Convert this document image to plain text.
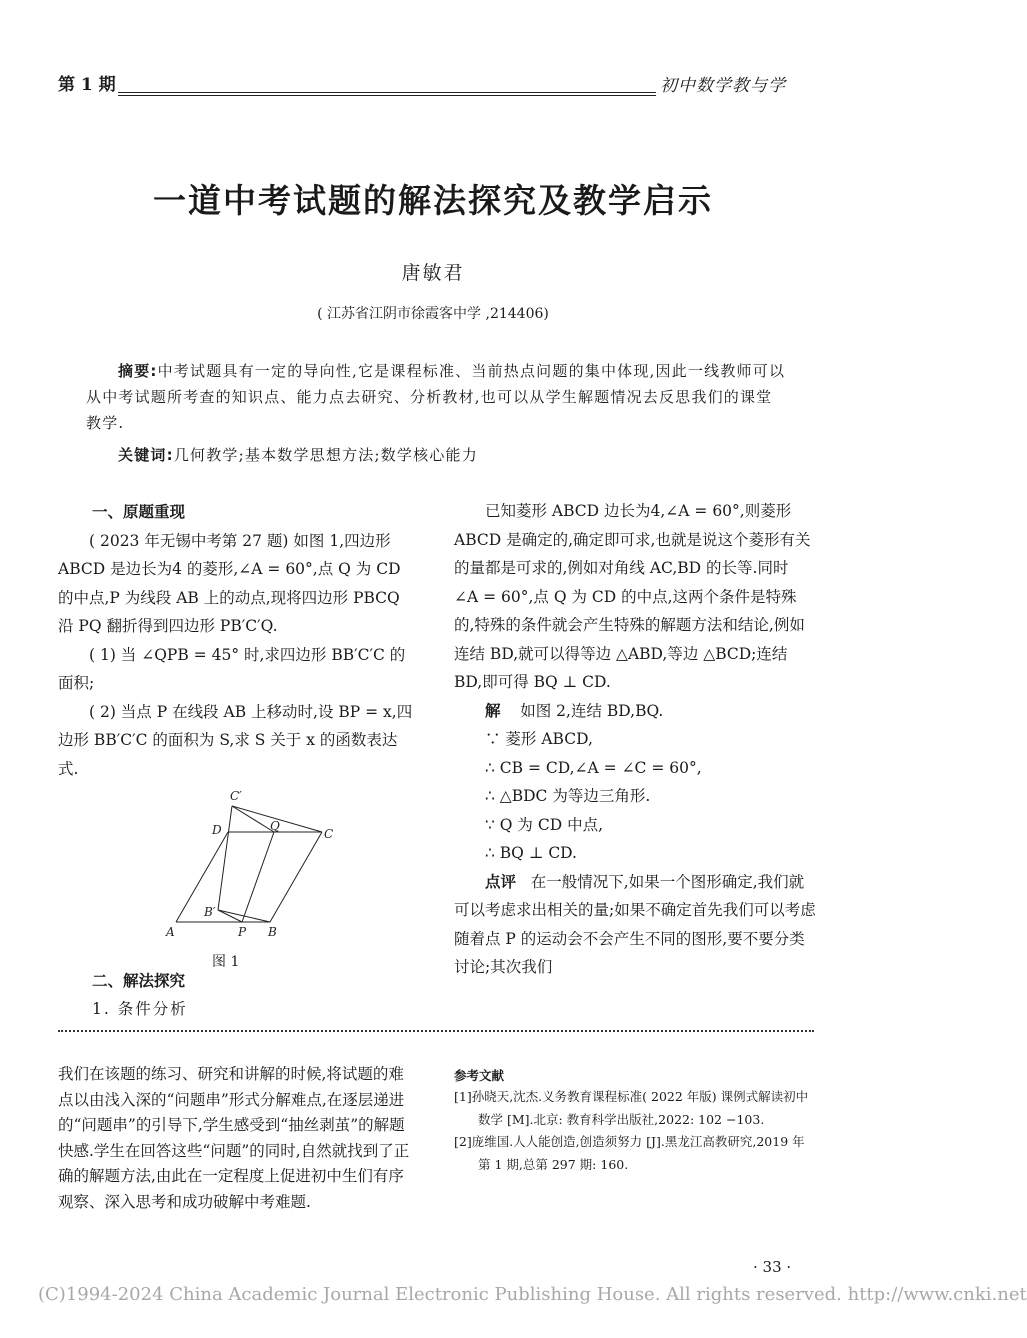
第 1 期	初中数学教与学
一道中考试题的解法探究及教学启示
唐敏君
( 江苏省江阴市徐霞客中学 ,214406)
摘要:中考试题具有一定的导向性,它是课程标准、当前热点问题的集中体现,因此一线教师可以从中考试题所考查的知识点、能力点去研究、分析教材,也可以从学生解题情况去反思我们的课堂教学.
关键词:几何教学;基本数学思想方法;数学核心能力

一、原题重现

( 2023 年无锡中考第 27 题) 如图 1,四边形 ABCD 是边长为4 的菱形,∠A = 60°,点 Q 为 CD 的中点,P 为线段 AB 上的动点,现将四边形 PBCQ 沿 PQ 翻折得到四边形 PB′C′Q.

( 1) 当 ∠QPB = 45° 时,求四边形 BB′C′C 的面积;

( 2) 当点 P 在线段 AB 上移动时,设 BP = x,四边形 BB′C′C 的面积为 S,求 S 关于 x 的函数表达式.

C′
D	Q
C
B′
A	P B
图 1
二、解法探究
1. 条件分析

已知菱形 ABCD 边长为4,∠A = 60°,则菱形 ABCD 是确定的,确定即可求,也就是说这个菱形有关的量都是可求的,例如对角线 AC,BD 的长等.同时 ∠A = 60°,点 Q 为 CD 的中点,这两个条件是特殊的,特殊的条件就会产生特殊的解题方法和结论,例如连结 BD,就可以得等边 △ABD,等边 △BCD;连结 BD,即可得 BQ ⊥ CD.

解 如图 2,连结 BD,BQ.

∵ 菱形 ABCD,

∴ CB = CD,∠A = ∠C = 60°,

∴ △BDC 为等边三角形.

∵ Q 为 CD 中点,

∴ BQ ⊥ CD.

点评 在一般情况下,如果一个图形确定,我们就可以考虑求出相关的量;如果不确定首先我们可以考虑随着点 P 的运动会不会产生不同的图形,要不要分类讨论;其次我们

我们在该题的练习、研究和讲解的时候,将试题的难点以由浅入深的“问题串”形式分解难点,在逐层递进的“问题串”的引导下,学生感受到“抽丝剥茧”的解题快感.学生在回答这些“问题”的同时,自然就找到了正确的解题方法,由此在一定程度上促进初中生们有序观察、深入思考和成功破解中考难题.
参考文献

[1]孙晓天,沈杰.义务教育课程标准( 2022 年版) 课例式解读初中数学 [M].北京: 教育科学出版社,2022: 102 −103.

[2]庞维国.人人能创造,创造须努力 [J].黑龙江高教研究,2019 年第 1 期,总第 297 期: 160.

· 33 ·
(C)1994-2024 China Academic Journal Electronic Publishing House. All rights reserved. http://www.cnki.net
